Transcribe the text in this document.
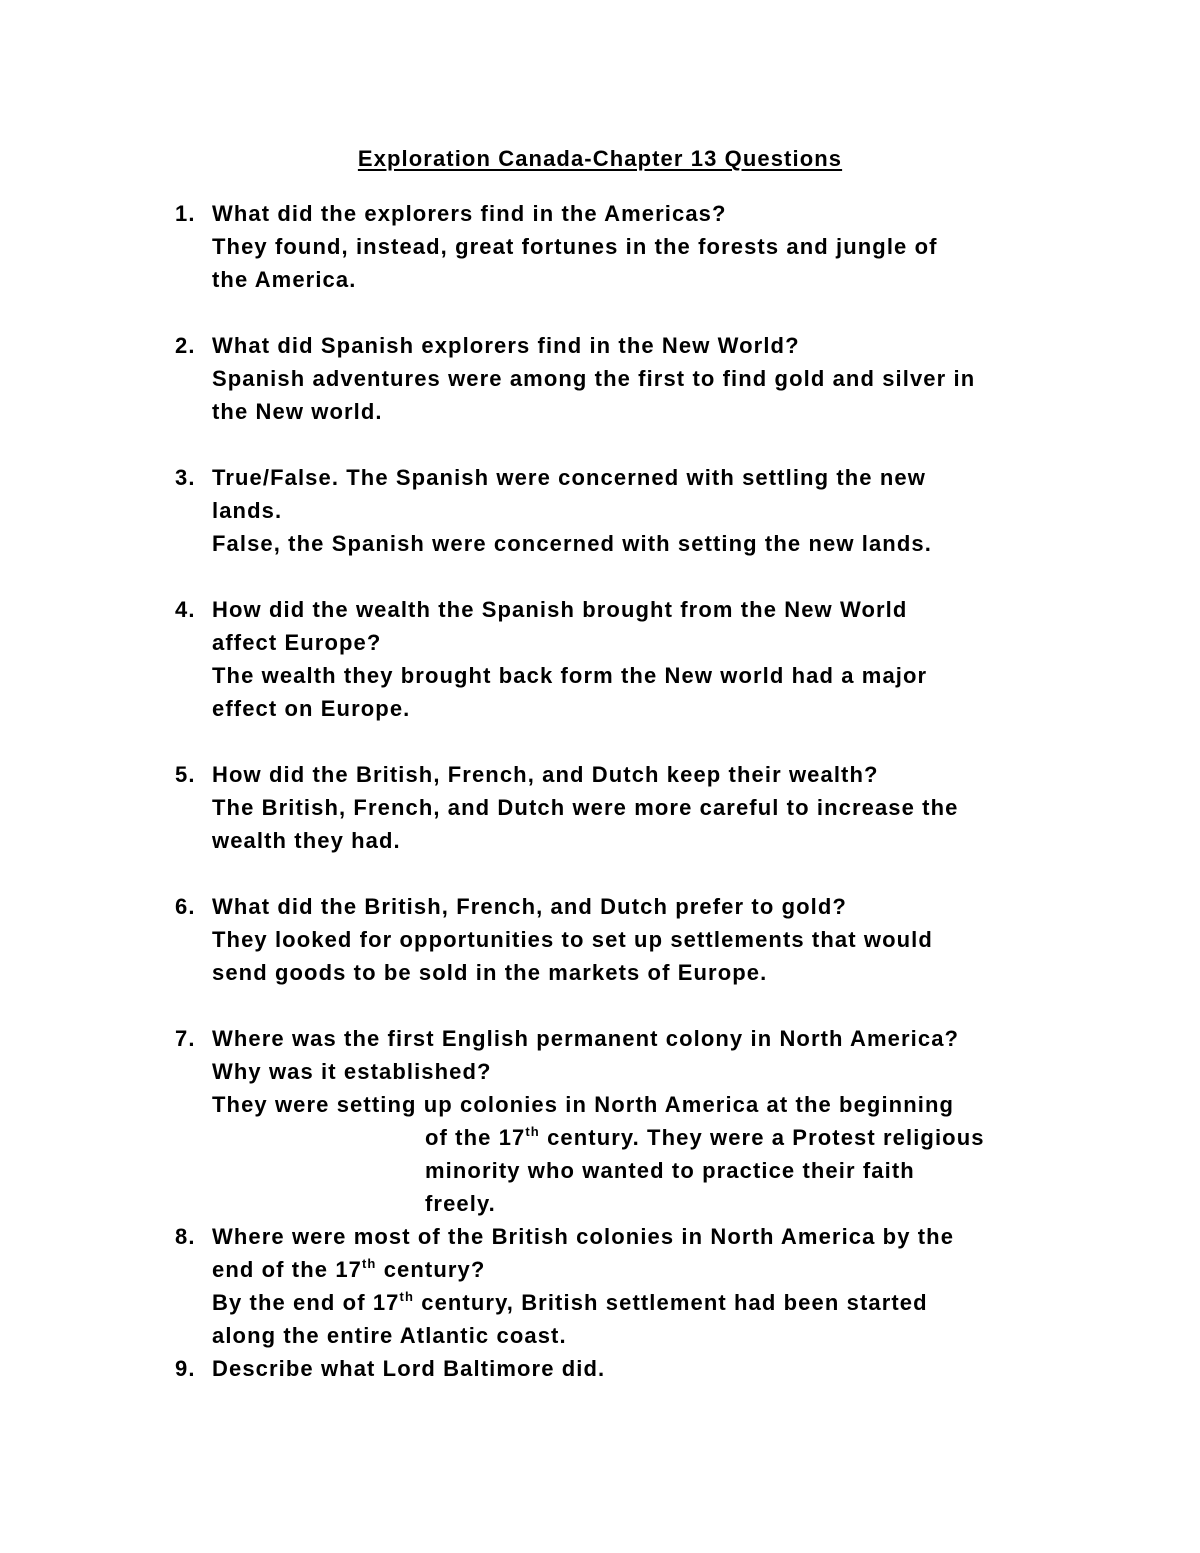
Exploration Canada-Chapter 13 Questions
1. What did the explorers find in the Americas?
They found, instead, great fortunes in the forests and jungle of
the America.
2. What did Spanish explorers find in the New World?
Spanish adventures were among the first to find gold and silver in
the New world.
3. True/False. The Spanish were concerned with settling the new
lands.
False, the Spanish were concerned with setting the new lands.
4. How did the wealth the Spanish brought from the New World
affect Europe?
The wealth they brought back form the New world had a major
effect on Europe.
5. How did the British, French, and Dutch keep their wealth?
The British, French, and Dutch were more careful to increase the
wealth they had.
6. What did the British, French, and Dutch prefer to gold?
They looked for opportunities to set up settlements that would
send goods to be sold in the markets of Europe.
7. Where was the first English permanent colony in North America?
Why was it established?
They were setting up colonies in North America at the beginning
of the 17th century. They were a Protest religious
minority who wanted to practice their faith
freely.
8. Where were most of the British colonies in North America by the
end of the 17th century?
By the end of 17th century, British settlement had been started
along the entire Atlantic coast.
9. Describe what Lord Baltimore did.
